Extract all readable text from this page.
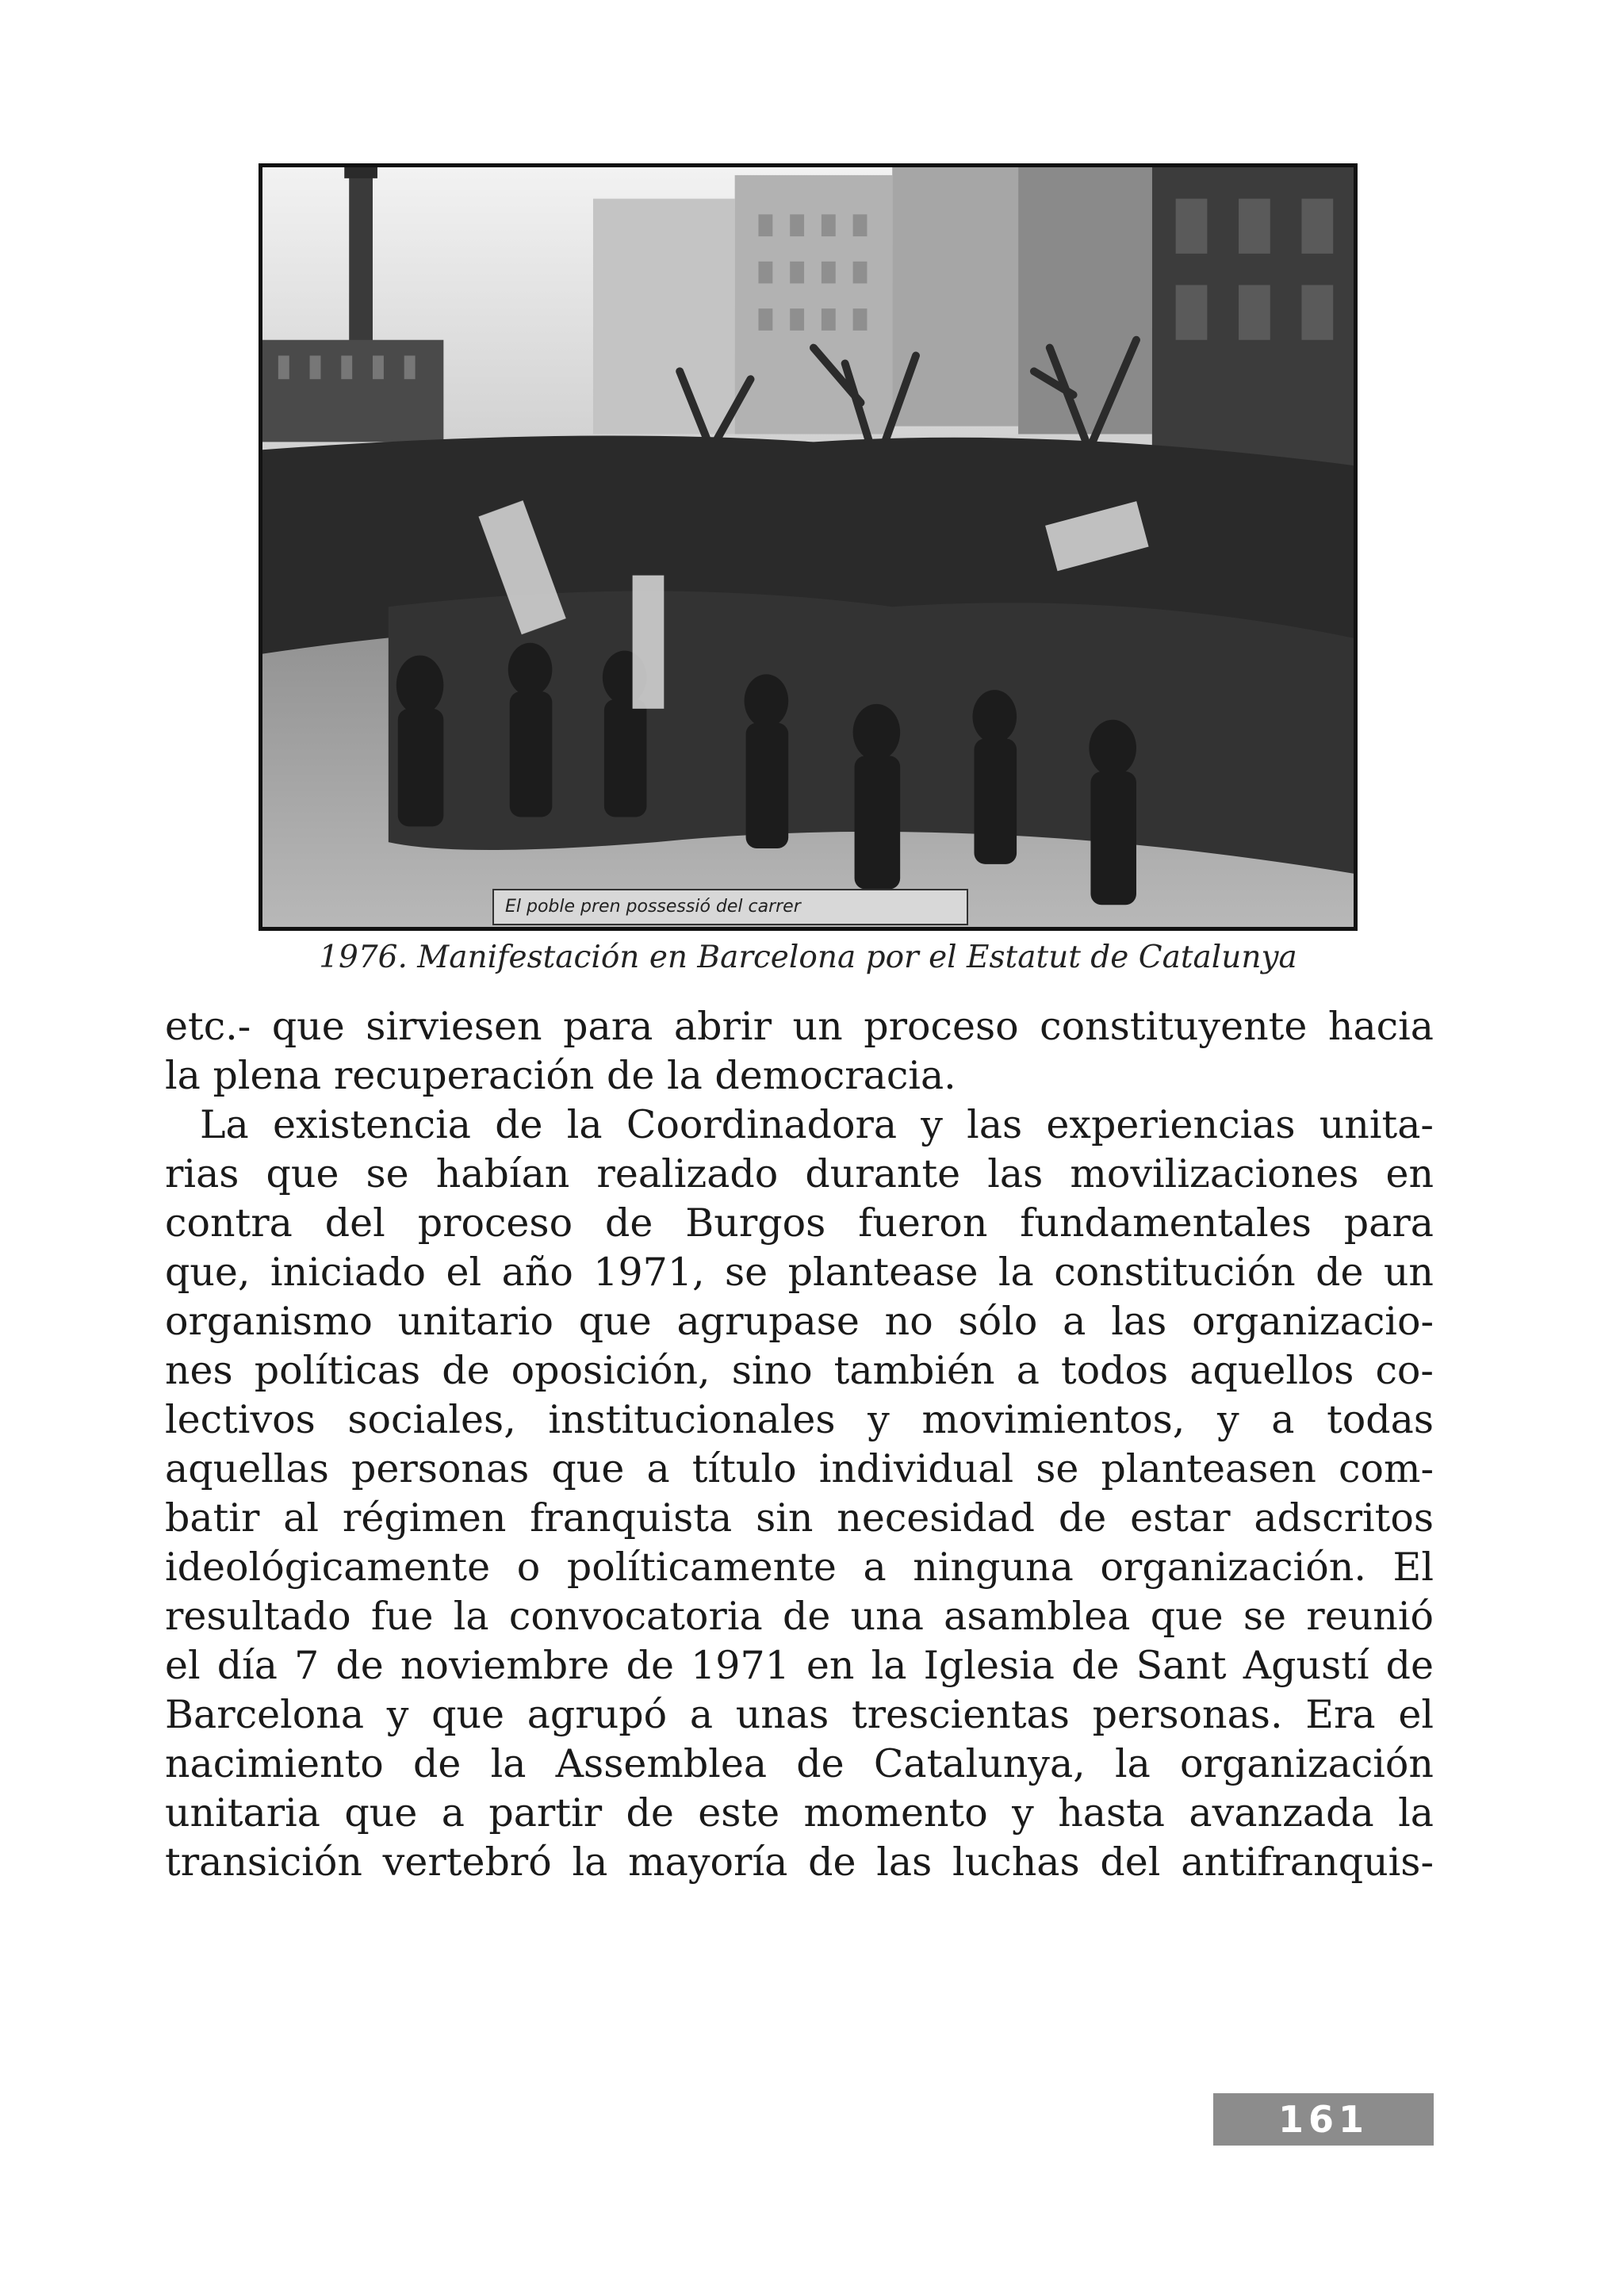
El poble pren possessió del carrer
1976. Manifestación en Barcelona por el Estatut de Catalunya
etc.- que sirviesen para abrir un proceso constituyente hacia
la plena recuperación de la democracia.
La existencia de la Coordinadora y las experiencias unita-
rias que se habían realizado durante las movilizaciones en
contra del proceso de Burgos fueron fundamentales para
que, iniciado el año 1971, se plantease la constitución de un
organismo unitario que agrupase no sólo a las organizacio-
nes políticas de oposición, sino también a todos aquellos co-
lectivos sociales, institucionales y movimientos, y a todas
aquellas personas que a título individual se planteasen com-
batir al régimen franquista sin necesidad de estar adscritos
ideológicamente o políticamente a ninguna organización. El
resultado fue la convocatoria de una asamblea que se reunió
el día 7 de noviembre de 1971 en la Iglesia de Sant Agustí de
Barcelona y que agrupó a unas trescientas personas. Era el
nacimiento de la Assemblea de Catalunya, la organización
unitaria que a partir de este momento y hasta avanzada la
transición vertebró la mayoría de las luchas del antifranquis-
161
